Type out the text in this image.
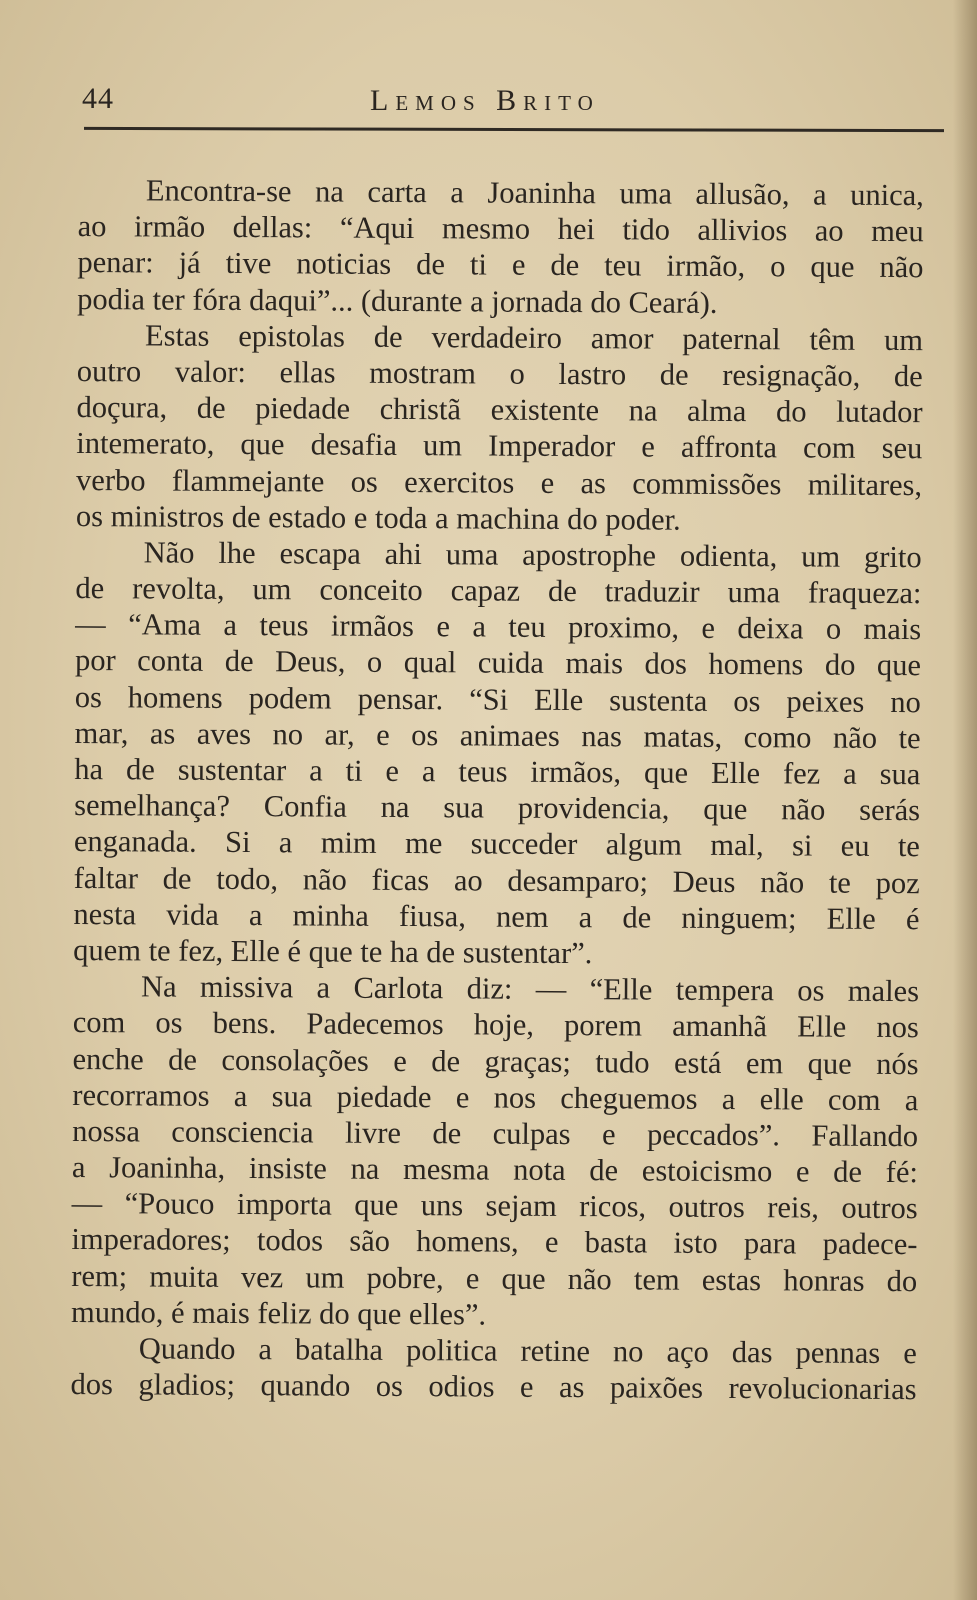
44	Lemos Brito
Encontra-se na carta a Joaninha uma allusão, a unica,
ao irmão dellas: “Aqui mesmo hei tido allivios ao meu
penar: já tive noticias de ti e de teu irmão, o que não
podia ter fóra daqui”... (durante a jornada do Ceará).
Estas epistolas de verdadeiro amor paternal têm um
outro valor: ellas mostram o lastro de resignação, de
doçura, de piedade christã existente na alma do lutador
intemerato, que desafia um Imperador e affronta com seu
verbo flammejante os exercitos e as commissões militares,
os ministros de estado e toda a machina do poder.
Não lhe escapa ahi uma apostrophe odienta, um grito
de revolta, um conceito capaz de traduzir uma fraqueza:
— “Ama a teus irmãos e a teu proximo, e deixa o mais
por conta de Deus, o qual cuida mais dos homens do que
os homens podem pensar. “Si Elle sustenta os peixes no
mar, as aves no ar, e os animaes nas matas, como não te
ha de sustentar a ti e a teus irmãos, que Elle fez a sua
semelhança? Confia na sua providencia, que não serás
enganada. Si a mim me succeder algum mal, si eu te
faltar de todo, não ficas ao desamparo; Deus não te poz
nesta vida a minha fiusa, nem a de ninguem; Elle é
quem te fez, Elle é que te ha de sustentar”.
Na missiva a Carlota diz: — “Elle tempera os males
com os bens. Padecemos hoje, porem amanhã Elle nos
enche de consolações e de graças; tudo está em que nós
recorramos a sua piedade e nos cheguemos a elle com a
nossa consciencia livre de culpas e peccados”. Fallando
a Joaninha, insiste na mesma nota de estoicismo e de fé:
— “Pouco importa que uns sejam ricos, outros reis, outros
imperadores; todos são homens, e basta isto para padece-
rem; muita vez um pobre, e que não tem estas honras do
mundo, é mais feliz do que elles”.
Quando a batalha politica retine no aço das pennas e
dos gladios; quando os odios e as paixões revolucionarias
